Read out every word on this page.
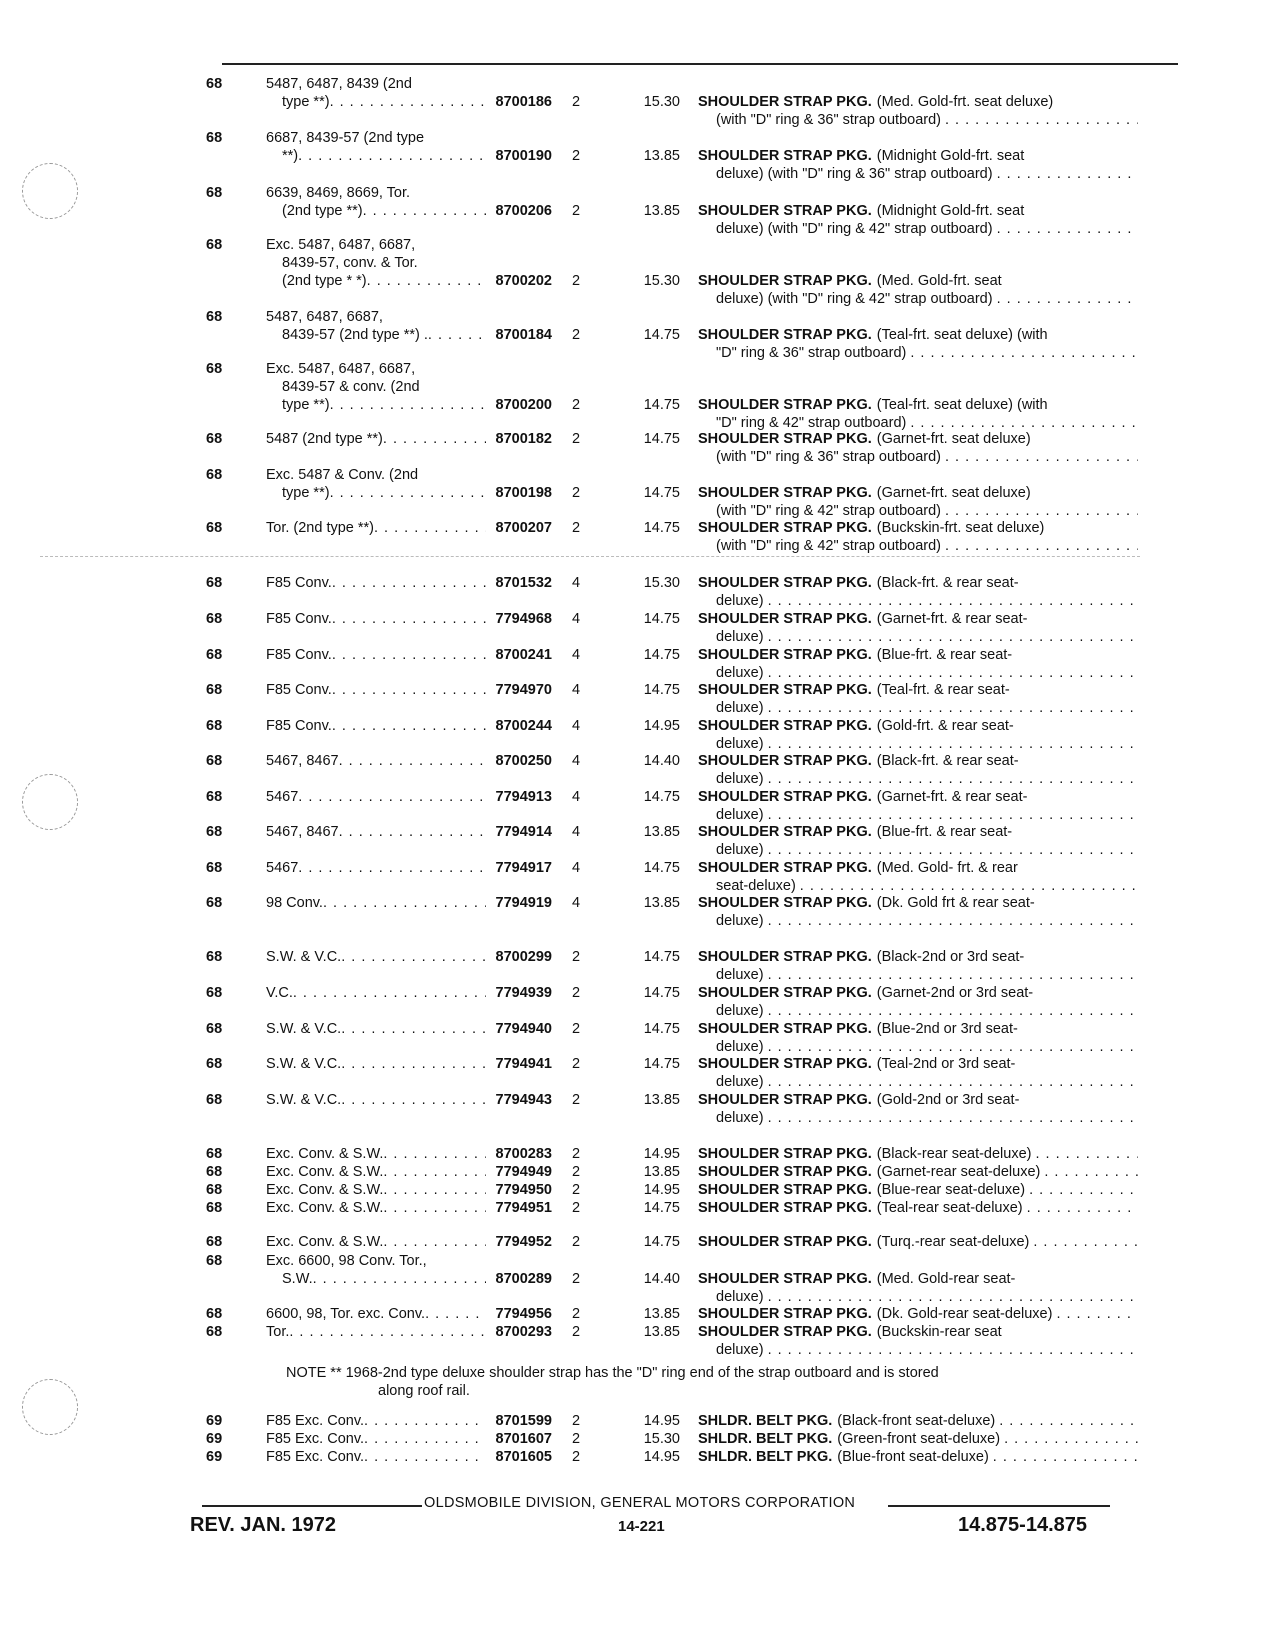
68	5487, 6487, 8439 (2nd
type **) . . .	8700186	2	15.30 SHOULDER STRAP PKG. (Med. Gold-frt. seat deluxe)
(with "D" ring & 36" strap outboard)
. . .
68	6687, 8439-57 (2nd type
**) . . .	8700190	2	13.85 SHOULDER STRAP PKG. (Midnight Gold-frt. seat
deluxe) (with "D" ring & 36" strap outboard)
. . .
68	6639, 8469, 8669, Tor.
(2nd type **) . . .	8700206	2	13.85 SHOULDER STRAP PKG. (Midnight Gold-frt. seat
deluxe) (with "D" ring & 42" strap outboard)
. . .
68	Exc. 5487, 6487, 6687,
8439-57, conv. & Tor.
(2nd type * *) . . .	8700202	2	15.30 SHOULDER STRAP PKG. (Med. Gold-frt. seat
deluxe) (with "D" ring & 42" strap outboard)
. . .
68	5487, 6487, 6687,
8439-57 (2nd type **) . . . .	8700184	2	14.75 SHOULDER STRAP PKG. (Teal-frt. seat deluxe) (with
"D" ring & 36" strap outboard)
. . .
68	Exc. 5487, 6487, 6687,
8439-57 & conv. (2nd
type **) . . .	8700200	2	14.75 SHOULDER STRAP PKG. (Teal-frt. seat deluxe) (with
"D" ring & 42" strap outboard)
. . .
68	5487 (2nd type **) . . .	8700182	2	14.75 SHOULDER STRAP PKG. (Garnet-frt. seat deluxe)
(with "D" ring & 36" strap outboard)
. . .
68	Exc. 5487 & Conv. (2nd
type **) . . .	8700198	2	14.75 SHOULDER STRAP PKG. (Garnet-frt. seat deluxe)
(with "D" ring & 42" strap outboard)
. . .
68	Tor. (2nd type **) . . .	8700207	2	14.75 SHOULDER STRAP PKG. (Buckskin-frt. seat deluxe)
(with "D" ring & 42" strap outboard)
. . .
68	F85 Conv. . . .	8701532	4	15.30 SHOULDER STRAP PKG. (Black-frt. & rear seat-
deluxe)
. . .
68	F85 Conv. . . .	7794968	4	14.75 SHOULDER STRAP PKG. (Garnet-frt. & rear seat-
deluxe)
. . .
68	F85 Conv. . . .	8700241	4	14.75 SHOULDER STRAP PKG. (Blue-frt. & rear seat-
deluxe)
. . .
68	F85 Conv. . . .	7794970	4	14.75 SHOULDER STRAP PKG. (Teal-frt. & rear seat-
deluxe)
. . .
68	F85 Conv. . . .	8700244	4	14.95 SHOULDER STRAP PKG. (Gold-frt. & rear seat-
deluxe)
. . .
68	5467, 8467 . . .	8700250	4	14.40 SHOULDER STRAP PKG. (Black-frt. & rear seat-
deluxe)
. . .
68	5467 . . .	7794913	4	14.75 SHOULDER STRAP PKG. (Garnet-frt. & rear seat-
deluxe)
. . .
68	5467, 8467 . . .	7794914	4	13.85 SHOULDER STRAP PKG. (Blue-frt. & rear seat-
deluxe)
. . .
68	5467 . . .	7794917	4	14.75 SHOULDER STRAP PKG. (Med. Gold- frt. & rear
seat-deluxe)
. . .
68	98 Conv. . . .	7794919	4	13.85 SHOULDER STRAP PKG. (Dk. Gold frt & rear seat-
deluxe)
. . .
68	S.W. & V.C. . . .	8700299	2	14.75 SHOULDER STRAP PKG. (Black-2nd or 3rd seat-
deluxe)
. . .
68	V.C. . . .	7794939	2	14.75 SHOULDER STRAP PKG. (Garnet-2nd or 3rd seat-
deluxe)
. . .
68	S.W. & V.C. . . .	7794940	2	14.75 SHOULDER STRAP PKG. (Blue-2nd or 3rd seat-
deluxe)
. . .
68	S.W. & V.C. . . .	7794941	2	14.75 SHOULDER STRAP PKG. (Teal-2nd or 3rd seat-
deluxe)
. . .
68	S.W. & V.C. . . .	7794943	2	13.85 SHOULDER STRAP PKG. (Gold-2nd or 3rd seat-
deluxe)
. . .
68	Exc. Conv. & S.W. . . .	8700283	2	14.95 SHOULDER STRAP PKG. (Black-rear seat-deluxe)
. . .
68	Exc. Conv. & S.W. . . .	7794949	2	13.85 SHOULDER STRAP PKG. (Garnet-rear seat-deluxe)
. . .
68	Exc. Conv. & S.W. . . .	7794950	2	14.95 SHOULDER STRAP PKG. (Blue-rear seat-deluxe)
. . .
68	Exc. Conv. & S.W. . . .	7794951	2	14.75 SHOULDER STRAP PKG. (Teal-rear seat-deluxe)
. . .
68	Exc. Conv. & S.W. . . .	7794952	2	14.75 SHOULDER STRAP PKG. (Turq.-rear seat-deluxe)
. . .
68	Exc. 6600, 98 Conv. Tor.,
S.W. . . .	8700289	2	14.40 SHOULDER STRAP PKG. (Med. Gold-rear seat-
deluxe)
. . .
68	6600, 98, Tor. exc. Conv. . . .	7794956	2	13.85 SHOULDER STRAP PKG. (Dk. Gold-rear seat-deluxe)
. . .
68	Tor. . . .	8700293	2	13.85 SHOULDER STRAP PKG. (Buckskin-rear seat
deluxe)
. . .
69	F85 Exc. Conv. . . .	8701599	2	14.95 SHLDR. BELT PKG. (Black-front seat-deluxe)
. . .
69	F85 Exc. Conv. . . .	8701607	2	15.30 SHLDR. BELT PKG. (Green-front seat-deluxe)
. . .
69	F85 Exc. Conv. . . .	8701605	2	14.95 SHLDR. BELT PKG. (Blue-front seat-deluxe)
. . .
NOTE ** 1968-2nd type deluxe shoulder strap has the "D" ring end of the strap outboard and is stored
along roof rail.
OLDSMOBILE DIVISION, GENERAL MOTORS CORPORATION
REV. JAN. 1972	14-221	14.875-14.875
